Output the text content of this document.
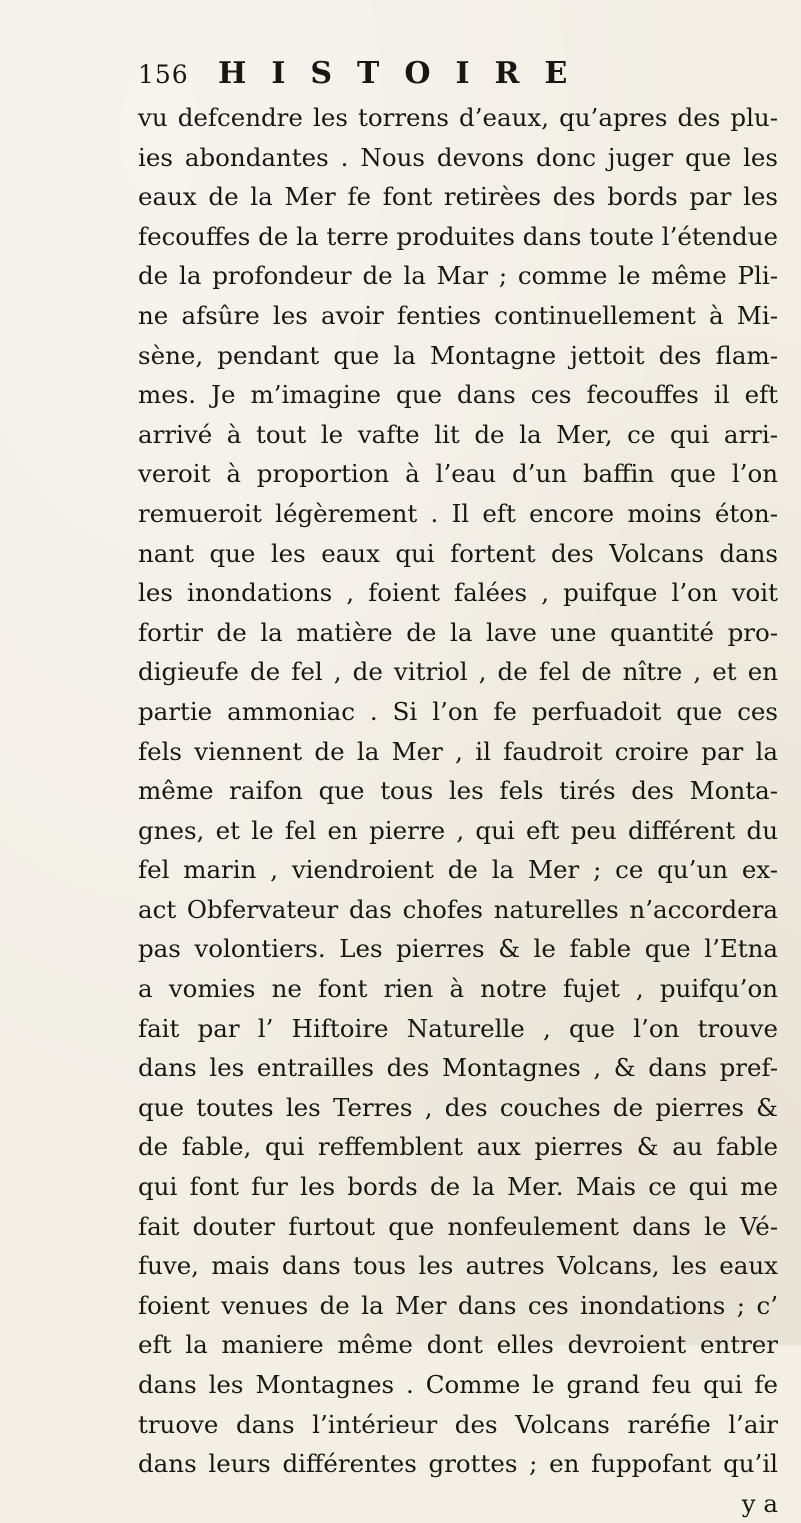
156 HISTOIRE
vu defcendre les torrens d’eaux, qu’apres des plu-
ies abondantes . Nous devons donc juger que les
eaux de la Mer fe font retirèes des bords par les
fecouffes de la terre produites dans toute l’étendue
de la profondeur de la Mar ; comme le même Pli-
ne afsûre les avoir fenties continuellement à Mi-
sène, pendant que la Montagne jettoit des flam-
mes. Je m’imagine que dans ces fecouffes il eft
arrivé à tout le vafte lit de la Mer, ce qui arri-
veroit à proportion à l’eau d’un baffin que l’on
remueroit légèrement . Il eft encore moins éton-
nant que les eaux qui fortent des Volcans dans
les inondations , foient falées , puifque l’on voit
fortir de la matière de la lave une quantité pro-
digieufe de fel , de vitriol , de fel de nître , et en
partie ammoniac . Si l’on fe perfuadoit que ces
fels viennent de la Mer , il faudroit croire par la
même raifon que tous les fels tirés des Monta-
gnes, et le fel en pierre , qui eft peu différent du
fel marin , viendroient de la Mer ; ce qu’un ex-
act Obfervateur das chofes naturelles n’accordera
pas volontiers. Les pierres & le fable que l’Etna
a vomies ne font rien à notre fujet , puifqu’on
fait par l’ Hiftoire Naturelle , que l’on trouve
dans les entrailles des Montagnes , & dans pref-
que toutes les Terres , des couches de pierres &
de fable, qui reffemblent aux pierres & au fable
qui font fur les bords de la Mer. Mais ce qui me
fait douter furtout que nonfeulement dans le Vé-
fuve, mais dans tous les autres Volcans, les eaux
foient venues de la Mer dans ces inondations ; c’
eft la maniere même dont elles devroient entrer
dans les Montagnes . Comme le grand feu qui fe
truove dans l’intérieur des Volcans raréfie l’air
dans leurs différentes grottes ; en fuppofant qu’il
y a
